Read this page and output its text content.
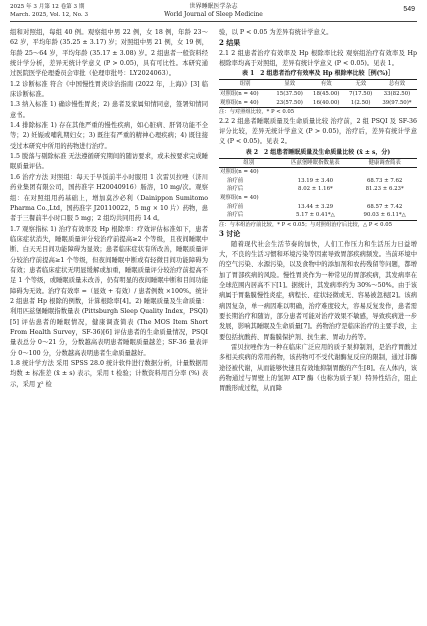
2025 年 3 月第 12 卷第 3 期
March. 2025, Vol. 12, No. 3
世界睡眠医学杂志
World Journal of Sleep Medicine
549

组和对照组，每组 40 例。观察组中男 22 例，女 18 例，年龄 23～62 岁，平均年龄 (35.25 ± 3.17) 岁；对照组中男 21 例，女 19 例，年龄 25～64 岁，平均年龄 (35.17 ± 3.08) 岁。2 组患者一般资料经统计学分析，差异无统计学意义 (P > 0.05)，具有可比性。本研究通过医院医学伦理委员会审批（伦理审批号：LY2024063）。

1.2 诊断标准 符合《中国慢性胃炎诊治指南 (2022 年，上海)》[3] 临床诊断标准。

1.3 纳入标准 1) 确诊慢性胃炎；2) 患者及家属知情同意，签署知情同意书。

1.4 排除标准 1) 存在其他严重的慢性疾病，如心脏病、肝肾功能不全等；2) 妊娠或哺乳期妇女；3) 既往有严重的精神心理疾病；4) 既往接受过本研究中所用的药物进行治疗。

1.5 脱落与剔除标准 无法遵循研究期间的随访要求，或未按要求完成睡眠质量评估。

1.6 治疗方法 对照组：每天于早饭前半小时服用 1 次雷贝拉唑（济川药业集团有限公司，国药准字 H20040916）肠溶，10 mg/次。观察组：在对照组用药基础上，增加莫沙必利（Dainippon Sumitomo Pharma Co.,Ltd，国药准字 J20110022，5 mg × 10 片）药物，患者于三餐前半小时口服 5 mg；2 组均共同用药 14 d。

1.7 观察指标 1) 治疗有效率及 Hp 根除率：疗效评估标准如下，患者临床症状消失，睡眠质量评分较治疗前提高≥2 个等级，且夜间睡眠中断、白天无目间功能障碍为显效；患者临床症状有所改善，睡眠质量评分较治疗前提高≥1 个等级，但夜间睡眠中断或有轻微目间功能障碍为有效；患者临床症状无明显缓解或加重，睡眠质量评分较治疗前提高不足 1 个等级，或睡眠质量未改善，仍有明显的夜间睡眠中断和目间功能障碍为无效。治疗有效率 =（显效 + 有效）/ 患者例数 ×100%。统计 2 组患者 Hp 根除的例数，计算根除率[4]。2) 睡眠质量及生命质量：利用匹兹堡睡眠指数量表 (Pittsburgh Sleep Quality Index，PSQI)[5] 评估患者的睡眠情况，健康调查简表 (The MOS Item Short From Health Survey，SF-36)[6] 评估患者的生命质量情况，PSQI 量表总分 0～21 分，分数越高表明患者睡眠质量越差；SF-36 量表评分 0～100 分，分数越高表明患者生命质量越好。

1.8 统计学方法 采用 SPSS 28.0 统计软件进行数据分析，计量数据用均数 ± 标准差 (x̄ ± s) 表示，采用 t 检验；计数资料用百分率 (%) 表示，采用 χ² 检

验，以 P < 0.05 为差异有统计学意义。

2 结果

2.1 2 组患者治疗有效率及 Hp 根除率比较 观察组治疗有效率及 Hp 根除率均高于对照组，差异有统计学意义 (P < 0.05)。见表 1。

表 1　2 组患者治疗有效率及 Hp 根除率比较［例(%)］
组别	显效	有效	无效	总有效
对照组(n = 40)	15(37.50)	18(45.00)	7(17.50)	33(82.50)
观察组(n = 40)	23(57.50)	16(40.00)	1(2.50)	39(97.50)*
注：与对照组比较，* P < 0.05

2.2 2 组患者睡眠质量及生命质量比较 治疗前，2 组 PSQI 及 SF-36 评分比较，差异无统计学意义 (P > 0.05)，治疗后，差异有统计学意义 (P < 0.05)。见表 2。

表 2　2 组患者睡眠质量及生命质量比较 (x̄ ± s，分)
组别	匹兹堡睡眠指数量表	健康调查简表
对照组(n = 40)		
治疗前	13.19 ± 3.40	68.73 ± 7.62
治疗后	8.02 ± 1.16*	81.23 ± 6.23*
观察组(n = 40)		
治疗前	13.44 ± 3.29	68.57 ± 7.42
治疗后	5.17 ± 0.41*△	90.03 ± 6.11*△
注：与本组治疗前比较，* P < 0.05；与对照组治疗后比较，△ P < 0.05
3 讨论

随着现代社会生活节奏的加快，人们工作压力和生活压力日益增大，不良的生活习惯和环境污染等因素导致胃部疾病频发。当前环境中的空气污染、水源污染，以及食物中的添加剂和农药残留等问题，都增加了胃部疾病的风险。慢性胃炎作为一种常见的胃部疾病，其发病率在全球范围内居高不下[1]。据统计，其发病率约为 30%～50%。由于该病属于胃黏膜慢性炎症，病程长、症状轻微或无、容易被忽视[2]。该病病因复杂，单一病因难以明确，治疗难度较大，容易反复发作，患者需要长期治疗和随访，部分患者可能对治疗效果不敏感，导致疾病进一步发展，影响其睡眠及生命质量[7]。药物治疗是临床治疗的主要手段，主要包括抗酸药、胃黏膜保护剂、抗生素、胃动力药等。

雷贝拉唑作为一种在临床广泛应用的质子泵抑制剂，是治疗胃酸过多相关疾病的常用药物，该药物可不受代谢酶复反应的限制，通过非酶途径被代谢，从而能够快速且有效地抑制胃酸的产生[8]。在人体内，该药物通过与胃壁上的氢钾 ATP 酶（也称为质子泵）特异性结合，阻止胃酸形成过程，从而降
